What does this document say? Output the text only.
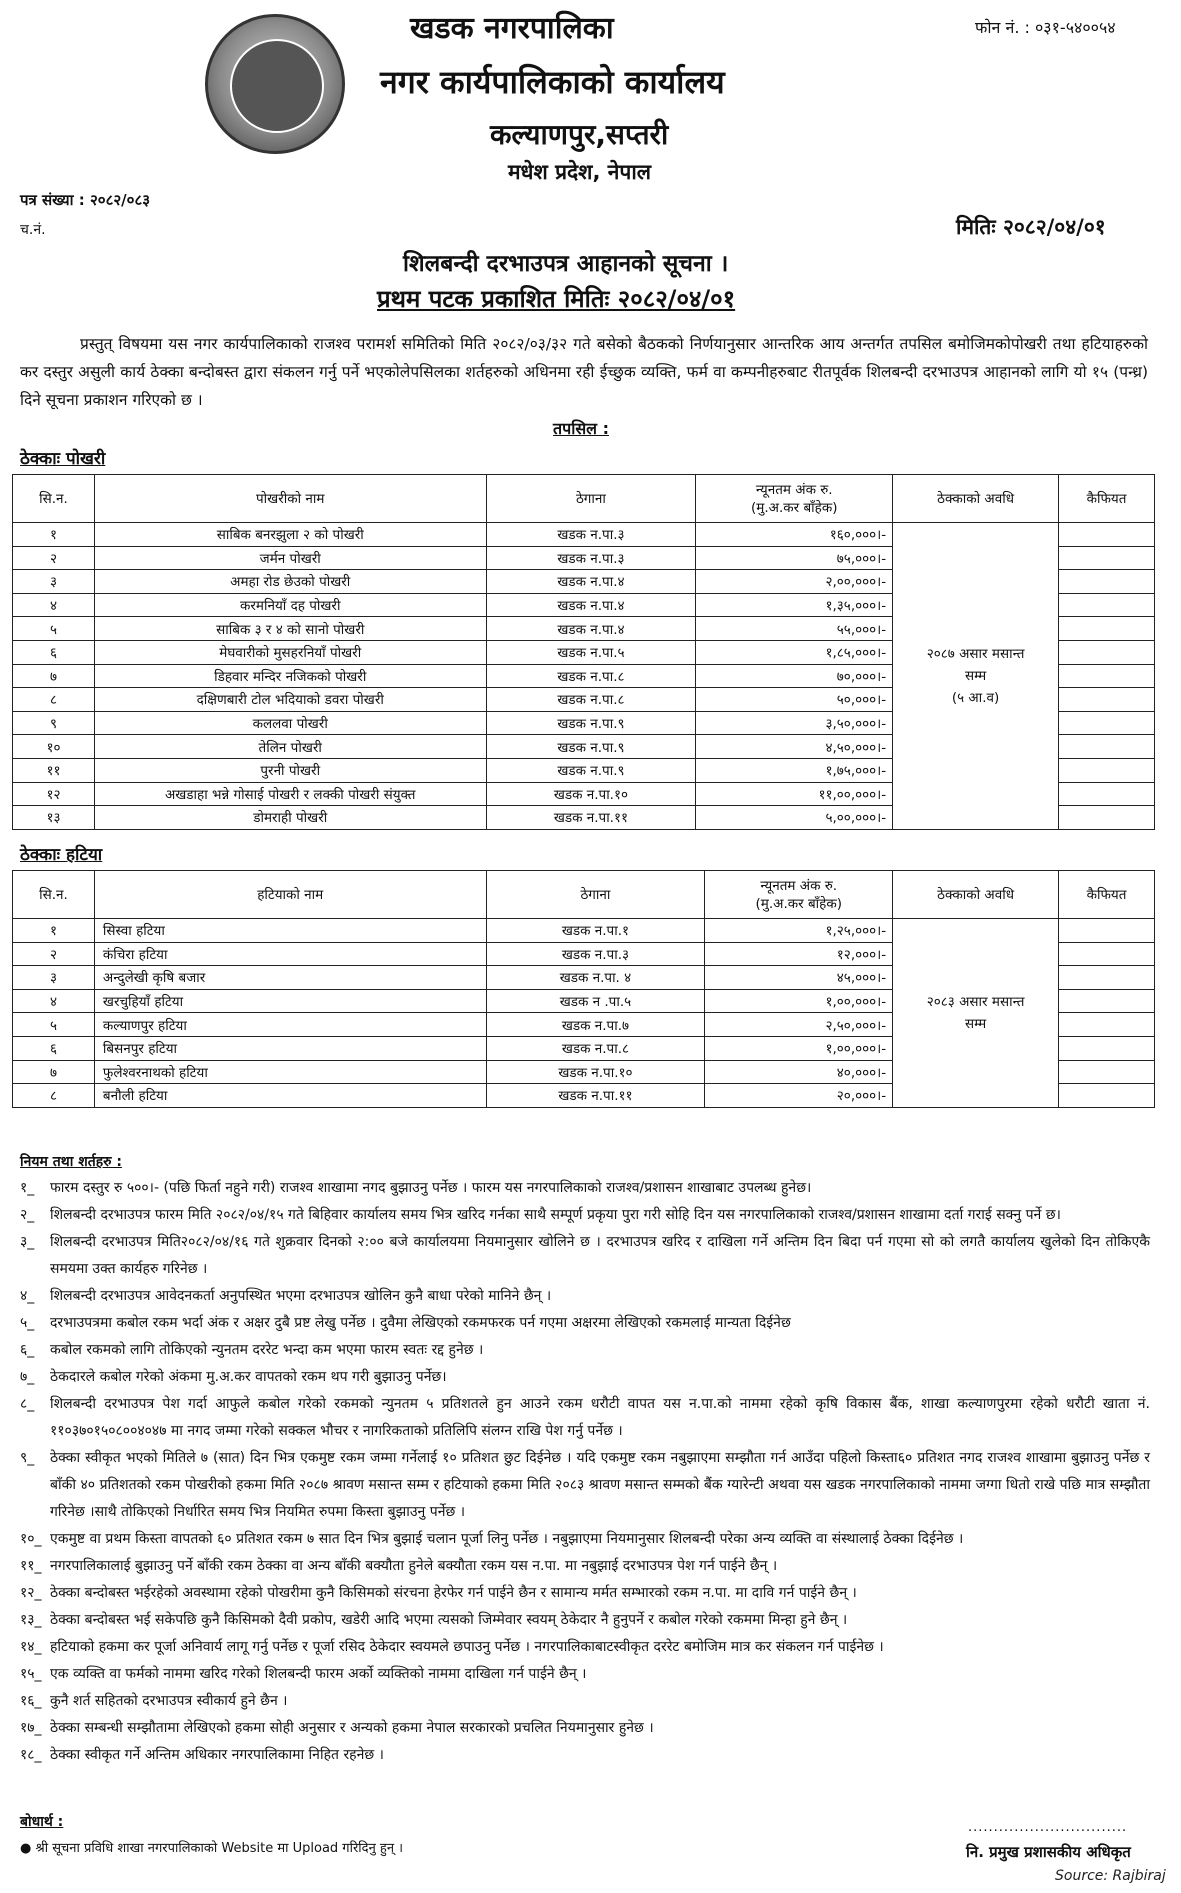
खडक नगरपालिका
नगर कार्यपालिकाको कार्यालय
कल्याणपुर,सप्तरी
मधेश प्रदेश, नेपाल
फोन नं. : ०३१-५४००५४
पत्र संख्या : २०८२/०८३
च.नं.	मितिः २०८२/०४/०१
शिलबन्दी दरभाउपत्र आहानको सूचना ।
प्रथम पटक प्रकाशित मितिः २०८२/०४/०१
प्रस्तुत् विषयमा यस नगर कार्यपालिकाको राजश्व परामर्श समितिको मिति २०८२/०३/३२ गते बसेको बैठकको निर्णयानुसार आन्तरिक आय अन्तर्गत तपसिल बमोजिमकोपोखरी तथा हटियाहरुको कर दस्तुर असुली कार्य ठेक्का बन्दोबस्त द्वारा संकलन गर्नु पर्ने भएकोलेपसिलका शर्तहरुको अधिनमा रही ईच्छुक व्यक्ति, फर्म वा कम्पनीहरुबाट रीतपूर्वक शिलबन्दी दरभाउपत्र आहानको लागि यो १५ (पन्ध्र) दिने सूचना प्रकाशन गरिएको छ ।
तपसिल :
ठेक्काः पोखरी
सि.न.	पोखरीको नाम	ठेगाना	न्यूनतम अंक रु.
(मु.अ.कर बाँहेक)	ठेक्काको अवधि	कैफियत
१	साबिक बनरझुला २ को पोखरी	खडक न.पा.३	१६०,०००।-	२०८७ असार मसान्त
सम्म
(५ आ.व)	

२	जर्मन पोखरी	खडक न.पा.३	७५,०००।-		
३	अमहा रोड छेउको पोखरी	खडक न.पा.४	२,००,०००।-		
४	करमनियाँ दह पोखरी	खडक न.पा.४	१,३५,०००।-		
५	साबिक ३ र ४ को सानो पोखरी	खडक न.पा.४	५५,०००।-		
६	मेघवारीको मुसहरनियाँ पोखरी	खडक न.पा.५	१,८५,०००।-		
७	डिहवार मन्दिर नजिकको पोखरी	खडक न.पा.८	७०,०००।-		
८	दक्षिणबारी टोल भदियाको डवरा पोखरी	खडक न.पा.८	५०,०००।-		
९	कललवा पोखरी	खडक न.पा.९	३,५०,०००।-		
१०	तेलिन पोखरी	खडक न.पा.९	४,५०,०००।-		
११	पुरनी पोखरी	खडक न.पा.९	१,७५,०००।-		
१२	अखडाहा भन्ने गोसाई पोखरी र लक्की पोखरी संयुक्त	खडक न.पा.१०	११,००,०००।-		
१३	डोमराही पोखरी	खडक न.पा.११	५,००,०००।-		
ठेक्काः हटिया
सि.न.	हटियाको नाम	ठेगाना	न्यूनतम अंक रु.
(मु.अ.कर बाँहेक)	ठेक्काको अवधि	कैफियत
१	सिस्वा हटिया	खडक न.पा.१	१,२५,०००।-	२०८३ असार मसान्त
सम्म	

२	कंचिरा हटिया	खडक न.पा.३	१२,०००।-		
३	अन्दुलेखी कृषि बजार	खडक न.पा. ४	४५,०००।-		
४	खरचुहियाँ हटिया	खडक न .पा.५	१,००,०००।-		
५	कल्याणपुर हटिया	खडक न.पा.७	२,५०,०००।-		
६	बिसनपुर हटिया	खडक न.पा.८	१,००,०००।-		
७	फुलेश्वरनाथको हटिया	खडक न.पा.१०	४०,०००।-		
८	बनौली हटिया	खडक न.पा.११	२०,०००।-		
नियम तथा शर्तहरु :
१_	फारम दस्तुर रु ५००।- (पछि फिर्ता नहुने गरी) राजश्व शाखामा नगद बुझाउनु पर्नेछ । फारम यस नगरपालिकाको राजश्व/प्रशासन शाखाबाट उपलब्ध हुनेछ।
२_	शिलबन्दी दरभाउपत्र फारम मिति २०८२/०४/१५ गते बिहिवार कार्यालय समय भित्र खरिद गर्नका साथै सम्पूर्ण प्रकृया पुरा गरी सोहि दिन यस नगरपालिकाको राजश्व/प्रशासन शाखामा दर्ता गराई सक्नु पर्ने छ।
३_	शिलबन्दी दरभाउपत्र मिति२०८२/०४/१६ गते शुक्रवार दिनको २:०० बजे कार्यालयमा नियमानुसार खोलिने छ । दरभाउपत्र खरिद र दाखिला गर्ने अन्तिम दिन बिदा पर्न गएमा सो को लगतै कार्यालय खुलेको दिन तोकिएकै समयमा उक्त कार्यहरु गरिनेछ ।
४_	शिलबन्दी दरभाउपत्र आवेदनकर्ता अनुपस्थित भएमा दरभाउपत्र खोलिन कुनै बाधा परेको मानिने छैन् ।
५_	दरभाउपत्रमा कबोल रकम भर्दा अंक र अक्षर दुबै प्रष्ट लेखु पर्नेछ । दुवैमा लेखिएको रकमफरक पर्न गएमा अक्षरमा लेखिएको रकमलाई मान्यता दिईनेछ
६_	कबोल रकमको लागि तोकिएको न्युनतम दररेट भन्दा कम भएमा फारम स्वतः रद्द हुनेछ ।
७_	ठेकदारले कबोल गरेको अंकमा मु.अ.कर वापतको रकम थप गरी बुझाउनु पर्नेछ।
८_	शिलबन्दी दरभाउपत्र पेश गर्दा आफुले कबोल गरेको रकमको न्युनतम ५ प्रतिशतले हुन आउने रकम धरौटी वापत यस न.पा.को नाममा रहेको कृषि विकास बैंक, शाखा कल्याणपुरमा रहेको धरौटी खाता नं. ११०३७०१५०८००४०४७ मा नगद जम्मा गरेको सक्कल भौचर र नागरिकताको प्रतिलिपि संलग्न राखि पेश गर्नु पर्नेछ ।
९_	ठेक्का स्वीकृत भएको मितिले ७ (सात) दिन भित्र एकमुष्ट रकम जम्मा गर्नेलाई १० प्रतिशत छुट दिईनेछ । यदि एकमुष्ट रकम नबुझाएमा सम्झौता गर्न आउँदा पहिलो किस्ता६० प्रतिशत नगद राजश्व शाखामा बुझाउनु पर्नेछ र बाँकी ४० प्रतिशतको रकम पोखरीको हकमा मिति २०८७ श्रावण मसान्त सम्म र हटियाको हकमा मिति २०८३ श्रावण मसान्त सम्मको बैंक ग्यारेन्टी अथवा यस खडक नगरपालिकाको नाममा जग्गा धितो राखे पछि मात्र सम्झौता गरिनेछ ।साथै तोकिएको निर्धारित समय भित्र नियमित रुपमा किस्ता बुझाउनु पर्नेछ ।
१०_ एकमुष्ट वा प्रथम किस्ता वापतको ६० प्रतिशत रकम ७ सात दिन भित्र बुझाई चलान पूर्जा लिनु पर्नेछ । नबुझाएमा नियमानुसार शिलबन्दी परेका अन्य व्यक्ति वा संस्थालाई ठेक्का दिईनेछ ।
११_ नगरपालिकालाई बुझाउनु पर्ने बाँकी रकम ठेक्का वा अन्य बाँकी बक्यौता हुनेले बक्यौता रकम यस न.पा. मा नबुझाई दरभाउपत्र पेश गर्न पाईने छैन् ।
१२_ ठेक्का बन्दोबस्त भईरहेको अवस्थामा रहेको पोखरीमा कुनै किसिमको संरचना हेरफेर गर्न पाईने छैन र सामान्य मर्मत सम्भारको रकम न.पा. मा दावि गर्न पाईने छैन् ।
१३_ ठेक्का बन्दोबस्त भई सकेपछि कुनै किसिमको दैवी प्रकोप, खडेरी आदि भएमा त्यसको जिम्मेवार स्वयम् ठेकेदार नै हुनुपर्ने र कबोल गरेको रकममा मिन्हा हुने छैन् ।
१४_ हटियाको हकमा कर पूर्जा अनिवार्य लागू गर्नु पर्नेछ र पूर्जा रसिद ठेकेदार स्वयमले छपाउनु पर्नेछ । नगरपालिकाबाटस्वीकृत दररेट बमोजिम मात्र कर संकलन गर्न पाईनेछ ।
१५_ एक व्यक्ति वा फर्मको नाममा खरिद गरेको शिलबन्दी फारम अर्को व्यक्तिको नाममा दाखिला गर्न पाईने छैन् ।
१६_ कुनै शर्त सहितको दरभाउपत्र स्वीकार्य हुने छैन ।
१७_ ठेक्का सम्बन्धी सम्झौतामा लेखिएको हकमा सोही अनुसार र अन्यको हकमा नेपाल सरकारको प्रचलित नियमानुसार हुनेछ ।
१८_ ठेक्का स्वीकृत गर्ने अन्तिम अधिकार नगरपालिकामा निहित रहनेछ ।
बोधार्थ :
● श्री सूचना प्रविधि शाखा नगरपालिकाको Website मा Upload गरिदिनु हुन् ।
...............................
नि. प्रमुख प्रशासकीय अधिकृत
Source: Rajbiraj
